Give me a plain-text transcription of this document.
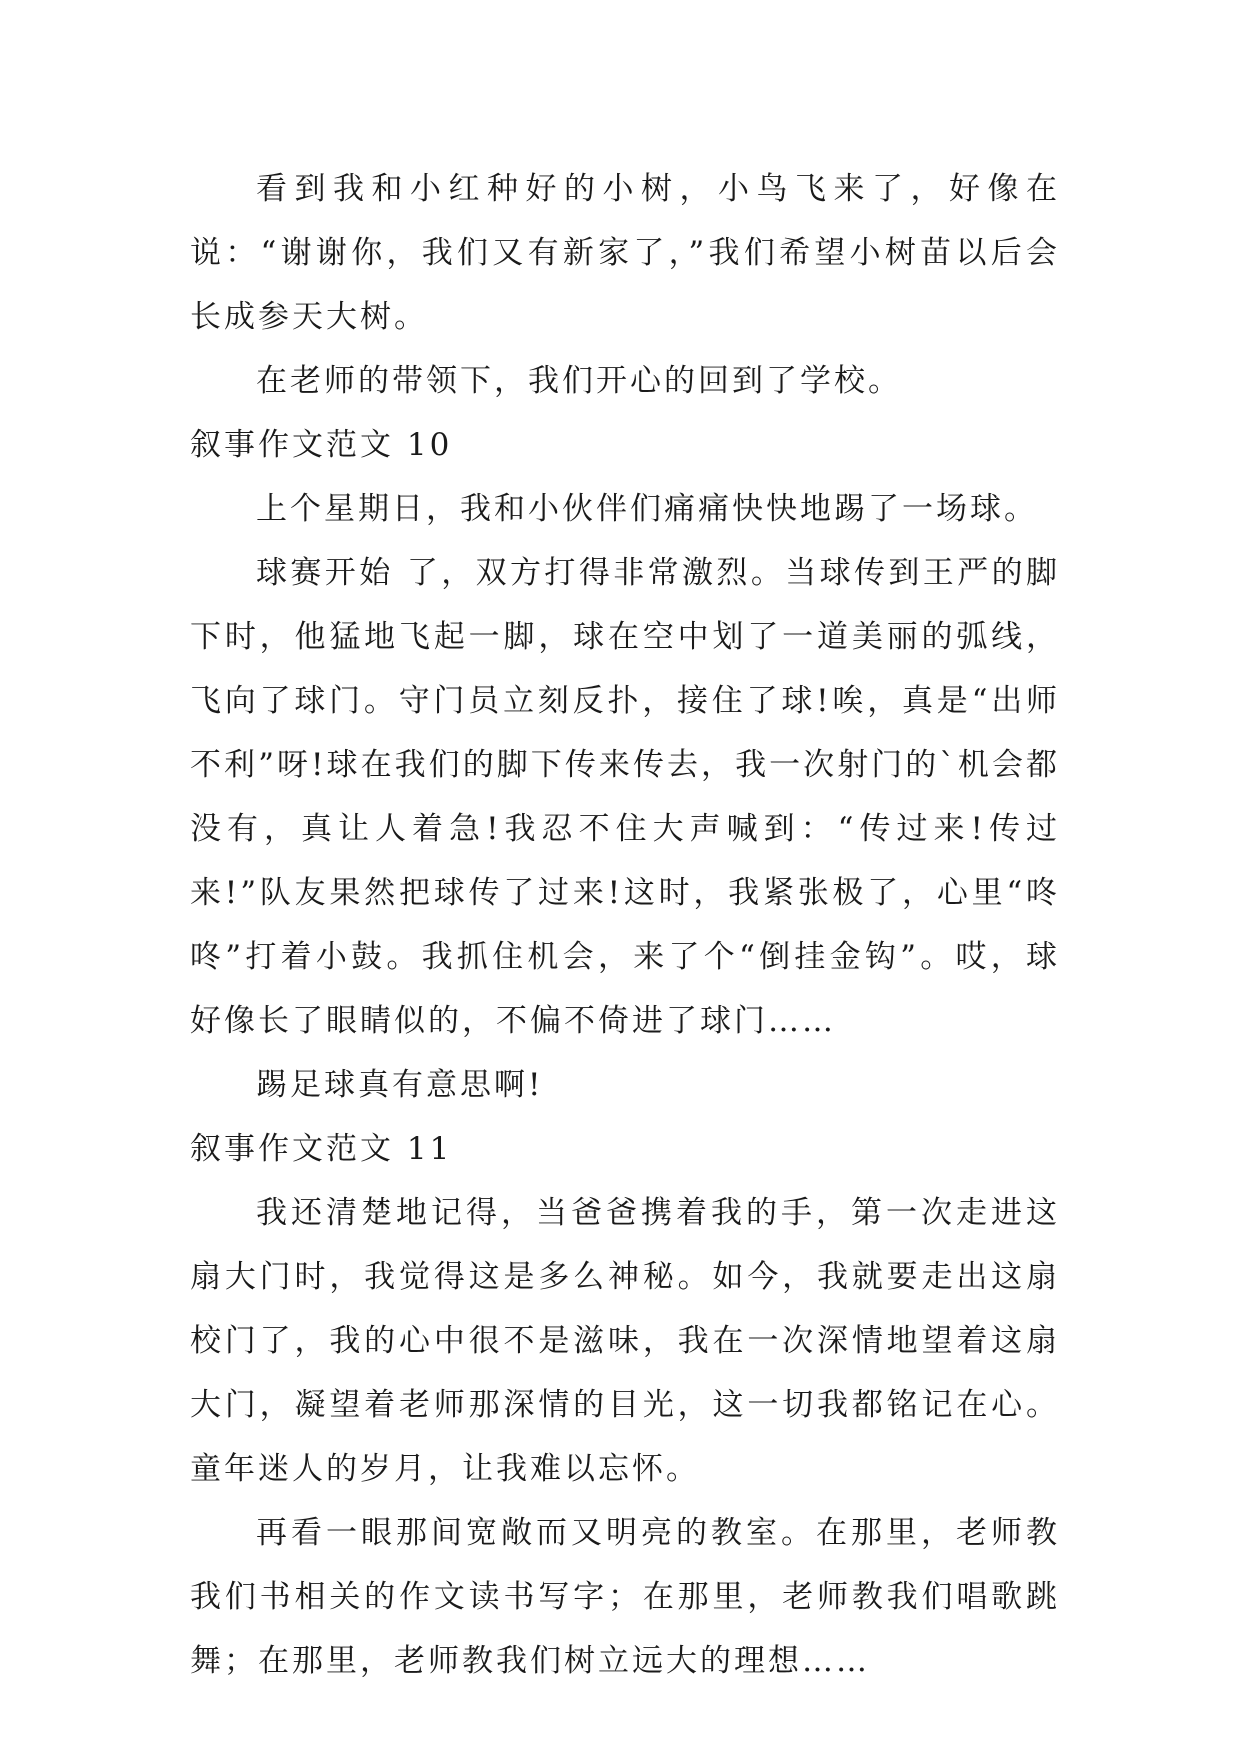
看到我和小红种好的小树，小鸟飞来了，好像在说：“谢谢你，我们又有新家了，”我们希望小树苗以后会长成参天大树。

在老师的带领下，我们开心的回到了学校。

叙事作文范文 10

上个星期日，我和小伙伴们痛痛快快地踢了一场球。

球赛开始 了，双方打得非常激烈。当球传到王严的脚下时，他猛地飞起一脚，球在空中划了一道美丽的弧线，飞向了球门。守门员立刻反扑，接住了球!唉，真是“出师不利”呀!球在我们的脚下传来传去，我一次射门的`机会都没有，真让人着急!我忍不住大声喊到：“传过来!传过来!”队友果然把球传了过来!这时，我紧张极了，心里“咚咚”打着小鼓。我抓住机会，来了个“倒挂金钩”。哎，球好像长了眼睛似的，不偏不倚进了球门……

踢足球真有意思啊!

叙事作文范文 11

我还清楚地记得，当爸爸携着我的手，第一次走进这扇大门时，我觉得这是多么神秘。如今，我就要走出这扇校门了，我的心中很不是滋味，我在一次深情地望着这扇大门，凝望着老师那深情的目光，这一切我都铭记在心。童年迷人的岁月，让我难以忘怀。

再看一眼那间宽敞而又明亮的教室。在那里，老师教我们书相关的作文读书写字；在那里，老师教我们唱歌跳舞；在那里，老师教我们树立远大的理想……
